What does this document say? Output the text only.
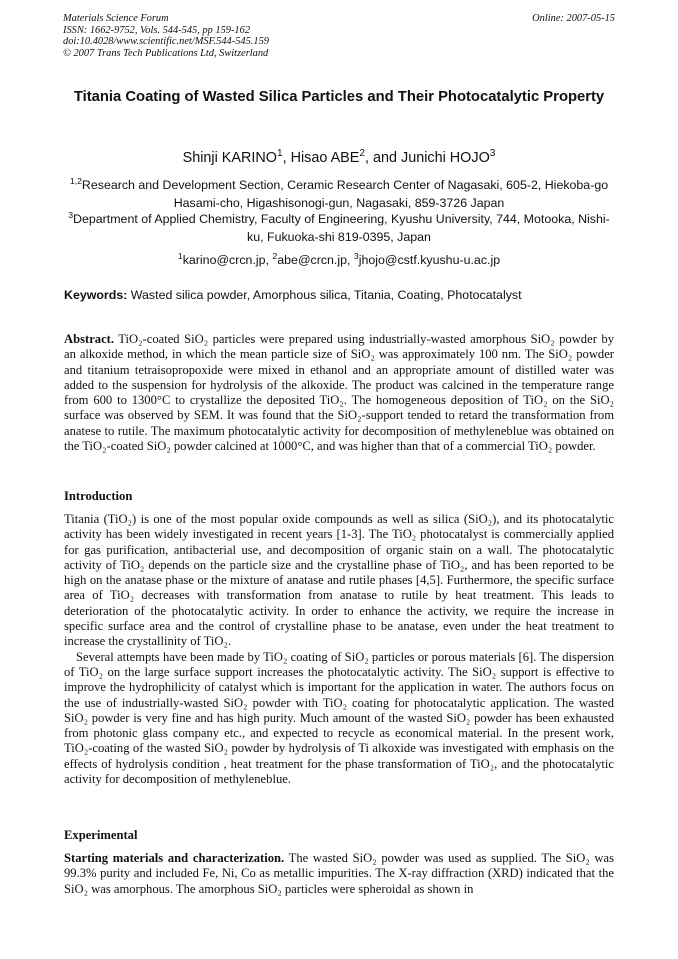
Materials Science Forum
ISSN: 1662-9752, Vols. 544-545, pp 159-162
doi:10.4028/www.scientific.net/MSF.544-545.159
© 2007 Trans Tech Publications Ltd, Switzerland
Online: 2007-05-15
Titania Coating of Wasted Silica Particles and Their Photocatalytic Property
Shinji KARINO$^1$, Hisao ABE$^2$, and Junichi HOJO$^3$
$^{1,2}$Research and Development Section, Ceramic Research Center of Nagasaki, 605-2, Hiekoba-go Hasami-cho, Higashisonogi-gun, Nagasaki, 859-3726 Japan
$^3$Department of Applied Chemistry, Faculty of Engineering, Kyushu University, 744, Motooka, Nishi-ku, Fukuoka-shi 819-0395, Japan
$^1$karino@crcn.jp, $^2$abe@crcn.jp, $^3$jhojo@cstf.kyushu-u.ac.jp
Keywords: Wasted silica powder, Amorphous silica, Titania, Coating, Photocatalyst
Abstract. TiO₂-coated SiO₂ particles were prepared using industrially-wasted amorphous SiO₂ powder by an alkoxide method, in which the mean particle size of SiO₂ was approximately 100 nm. The SiO₂ powder and titanium tetraisopropoxide were mixed in ethanol and an appropriate amount of distilled water was added to the suspension for hydrolysis of the alkoxide. The product was calcined in the temperature range from 600 to 1300°C to crystallize the deposited TiO₂. The homogeneous deposition of TiO₂ on the SiO₂ surface was observed by SEM. It was found that the SiO₂-support tended to retard the transformation from anatese to rutile. The maximum photocatalytic activity for decomposition of methyleneblue was obtained on the TiO₂-coated SiO₂ powder calcined at 1000°C, and was higher than that of a commercial TiO₂ powder.
Introduction

Titania (TiO₂) is one of the most popular oxide compounds as well as silica (SiO₂), and its photocatalytic activity has been widely investigated in recent years [1-3]. The TiO₂ photocatalyst is commercially applied for gas purification, antibacterial use, and decomposition of organic stain on a wall. The photocatalytic activity of TiO₂ depends on the particle size and the crystalline phase of TiO₂, and has been reported to be high on the anatase phase or the mixture of anatase and rutile phases [4,5]. Furthermore, the specific surface area of TiO₂ decreases with transformation from anatase to rutile by heat treatment. This leads to deterioration of the photocatalytic activity. In order to enhance the activity, we require the increase in specific surface area and the control of crystalline phase to be anatase, even under the heat treatment to increase the crystallinity of TiO₂.

Several attempts have been made by TiO₂ coating of SiO₂ particles or porous materials [6]. The dispersion of TiO₂ on the large surface support increases the photocatalytic activity. The SiO₂ support is effective to improve the hydrophilicity of catalyst which is important for the application in water. The authors focus on the use of industrially-wasted SiO₂ powder with TiO₂ coating for photocatalytic application. The wasted SiO₂ powder is very fine and has high purity. Much amount of the wasted SiO₂ powder has been exhausted from photonic glass company etc., and expected to recycle as economical material. In the present work, TiO₂-coating of the wasted SiO₂ powder by hydrolysis of Ti alkoxide was investigated with emphasis on the effects of hydrolysis condition , heat treatment for the phase transformation of TiO₂, and the photocatalytic activity for decomposition of methyleneblue.

Experimental
Starting materials and characterization. The wasted SiO₂ powder was used as supplied. The SiO₂ was 99.3% purity and included Fe, Ni, Co as metallic impurities. The X-ray diffraction (XRD) indicated that the SiO₂ was amorphous. The amorphous SiO₂ particles were spheroidal as shown in
